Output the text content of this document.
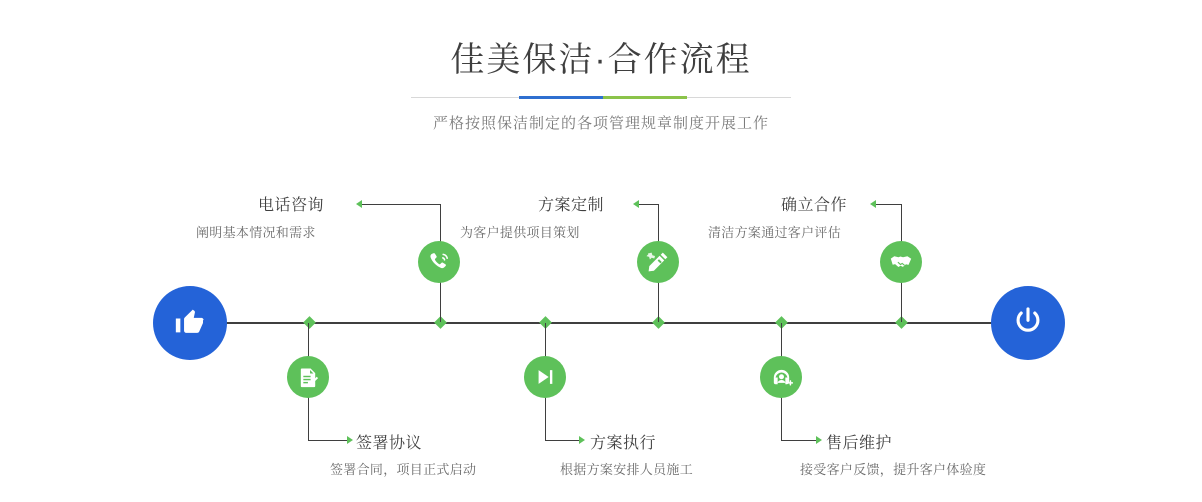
佳美保洁·合作流程
严格按照保洁制定的各项管理规章制度开展工作
电话咨询
阐明基本情况和需求
签署协议
签署合同，项目正式启动
方案定制
为客户提供项目策划
方案执行
根据方案安排人员施工
确立合作
清洁方案通过客户评估
售后维护
接受客户反馈，提升客户体验度
